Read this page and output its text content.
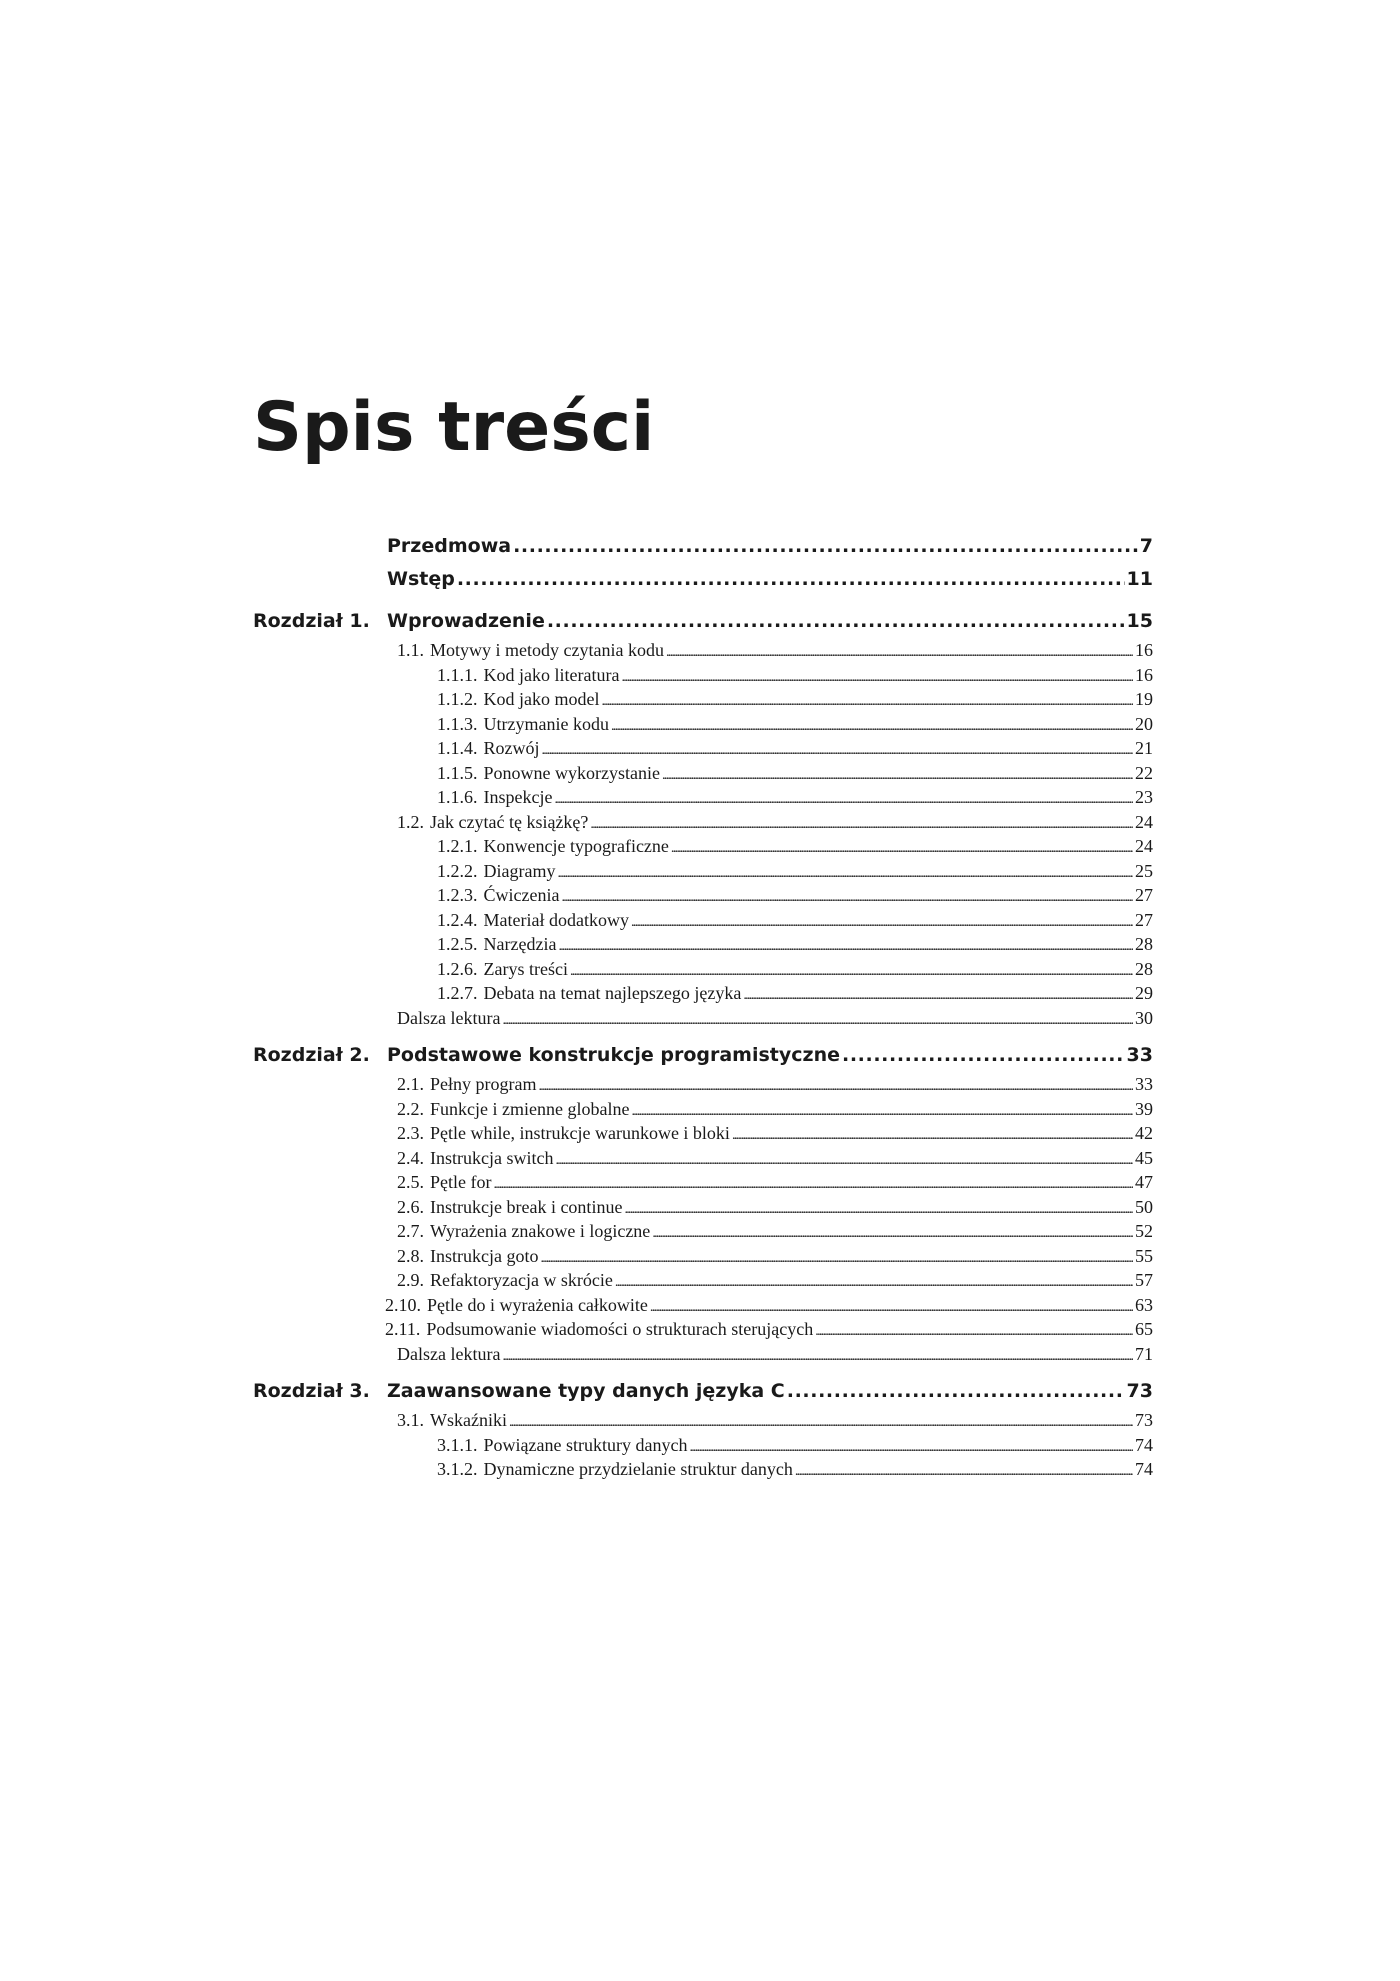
Spis treści
Przedmowa . . .	7
Wstęp . . .	11
Rozdział 1. Wprowadzenie . . .	15
1.1. Motywy i metody czytania kodu . . .	16
1.1.1. Kod jako literatura . . .	16
1.1.2. Kod jako model . . .	19
1.1.3. Utrzymanie kodu . . .	20
1.1.4. Rozwój . . .	21
1.1.5. Ponowne wykorzystanie . . .	22
1.1.6. Inspekcje . . .	23
1.2. Jak czytać tę książkę? . . .	24
1.2.1. Konwencje typograficzne . . .	24
1.2.2. Diagramy . . .	25
1.2.3. Ćwiczenia . . .	27
1.2.4. Materiał dodatkowy . . .	27
1.2.5. Narzędzia . . .	28
1.2.6. Zarys treści . . .	28
1.2.7. Debata na temat najlepszego języka . . .	29
Dalsza lektura . . .	30
Rozdział 2. Podstawowe konstrukcje programistyczne . . .	33
2.1. Pełny program . . .	33
2.2. Funkcje i zmienne globalne . . .	39
2.3. Pętle while, instrukcje warunkowe i bloki . . .	42
2.4. Instrukcja switch . . .	45
2.5. Pętle for . . .	47
2.6. Instrukcje break i continue . . .	50
2.7. Wyrażenia znakowe i logiczne . . .	52
2.8. Instrukcja goto . . .	55
2.9. Refaktoryzacja w skrócie . . .	57
2.10. Pętle do i wyrażenia całkowite . . .	63
2.11. Podsumowanie wiadomości o strukturach sterujących . . .	65
Dalsza lektura . . .	71
Rozdział 3. Zaawansowane typy danych języka C . . .	73
3.1. Wskaźniki . . .	73
3.1.1. Powiązane struktury danych . . .	74
3.1.2. Dynamiczne przydzielanie struktur danych . . .	74
